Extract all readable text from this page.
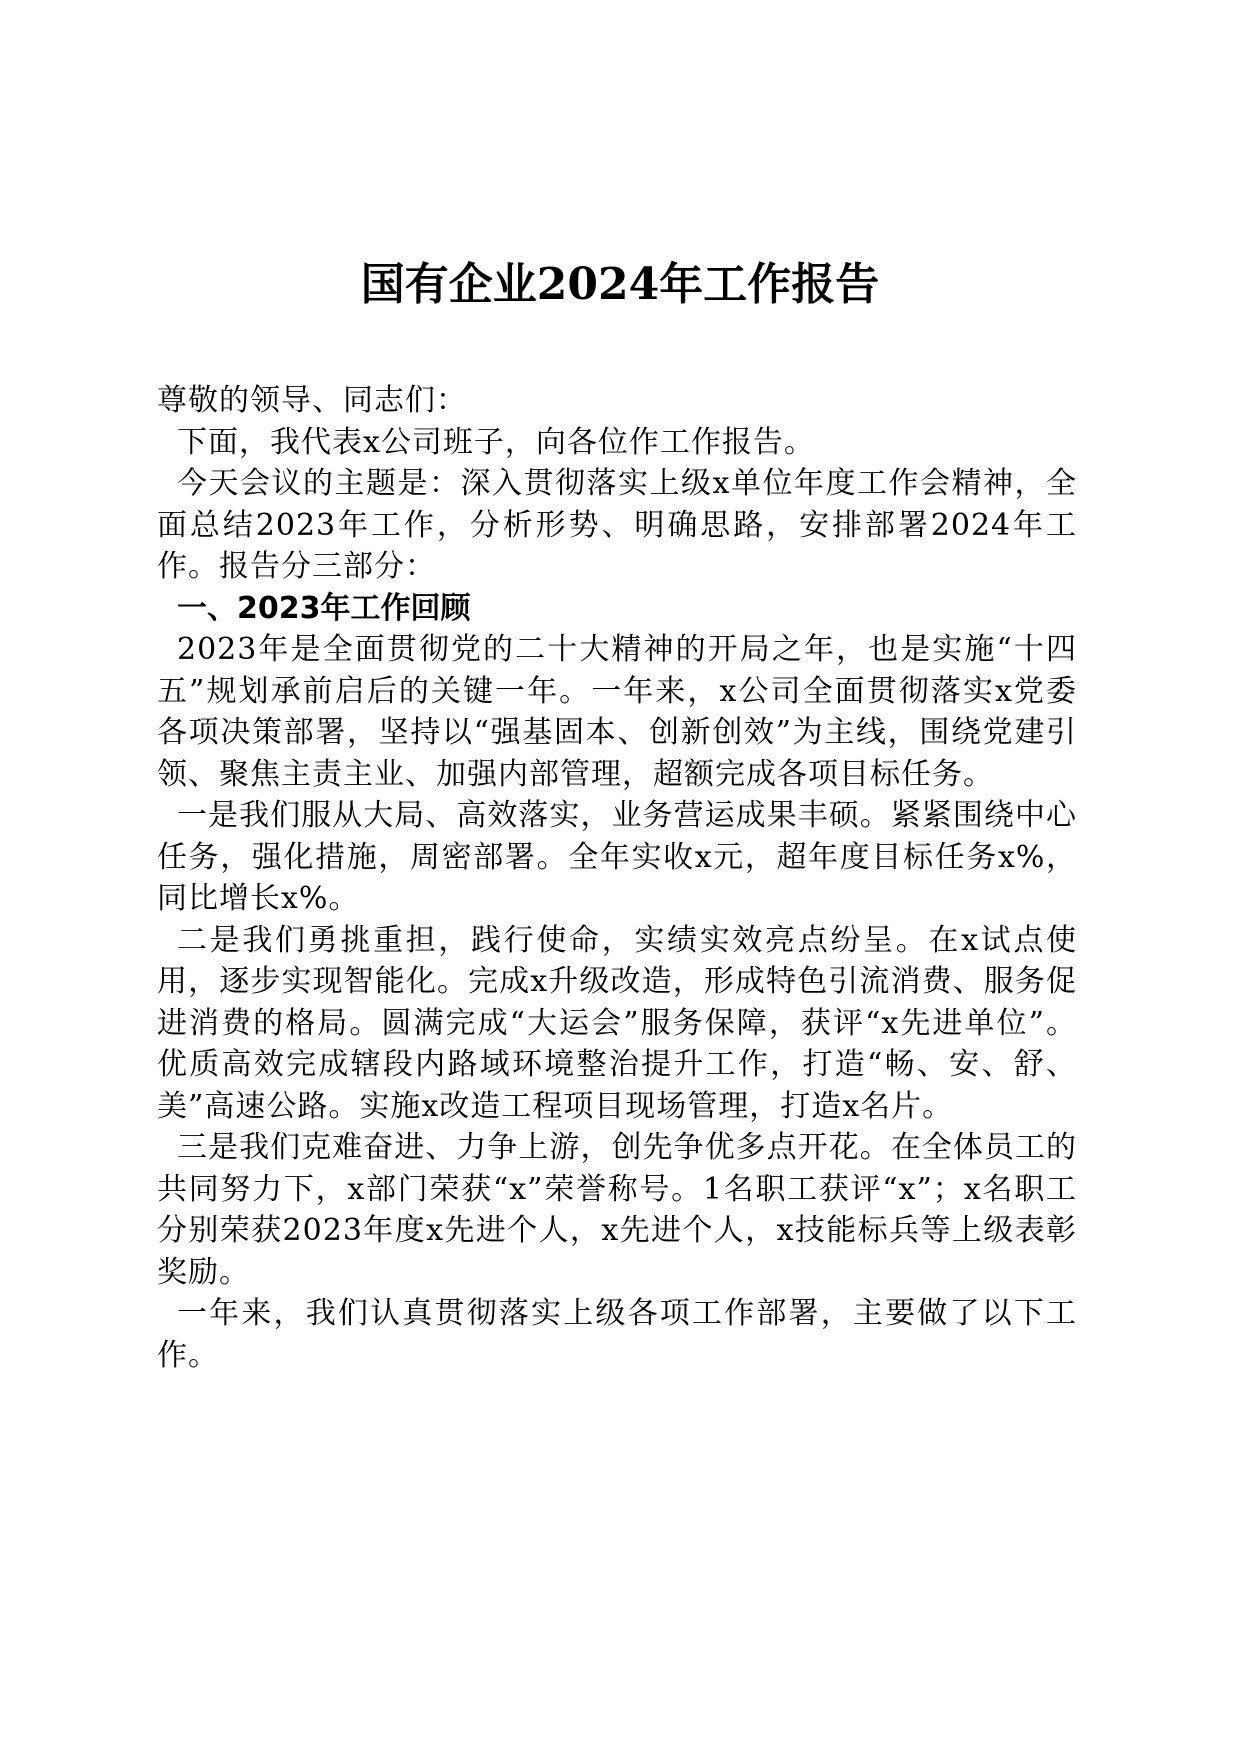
国有企业2024年工作报告

尊敬的领导、同志们：

下面，我代表x公司班子，向各位作工作报告。

今天会议的主题是：深入贯彻落实上级x单位年度工作会精神，全面总结2023年工作，分析形势、明确思路，安排部署2024年工作。报告分三部分：

一、2023年工作回顾

2023年是全面贯彻党的二十大精神的开局之年，也是实施“十四五”规划承前启后的关键一年。一年来，x公司全面贯彻落实x党委各项决策部署，坚持以“强基固本、创新创效”为主线，围绕党建引领、聚焦主责主业、加强内部管理，超额完成各项目标任务。

一是我们服从大局、高效落实，业务营运成果丰硕。紧紧围绕中心任务，强化措施，周密部署。全年实收x元，超年度目标任务x%，同比增长x%。

二是我们勇挑重担，践行使命，实绩实效亮点纷呈。在x试点使用，逐步实现智能化。完成x升级改造，形成特色引流消费、服务促进消费的格局。圆满完成“大运会”服务保障，获评“x先进单位”。优质高效完成辖段内路域环境整治提升工作，打造“畅、安、舒、美”高速公路。实施x改造工程项目现场管理，打造x名片。

三是我们克难奋进、力争上游，创先争优多点开花。在全体员工的共同努力下，x部门荣获“x”荣誉称号。1名职工获评“x”；x名职工分别荣获2023年度x先进个人，x先进个人，x技能标兵等上级表彰奖励。

一年来，我们认真贯彻落实上级各项工作部署，主要做了以下工作。
